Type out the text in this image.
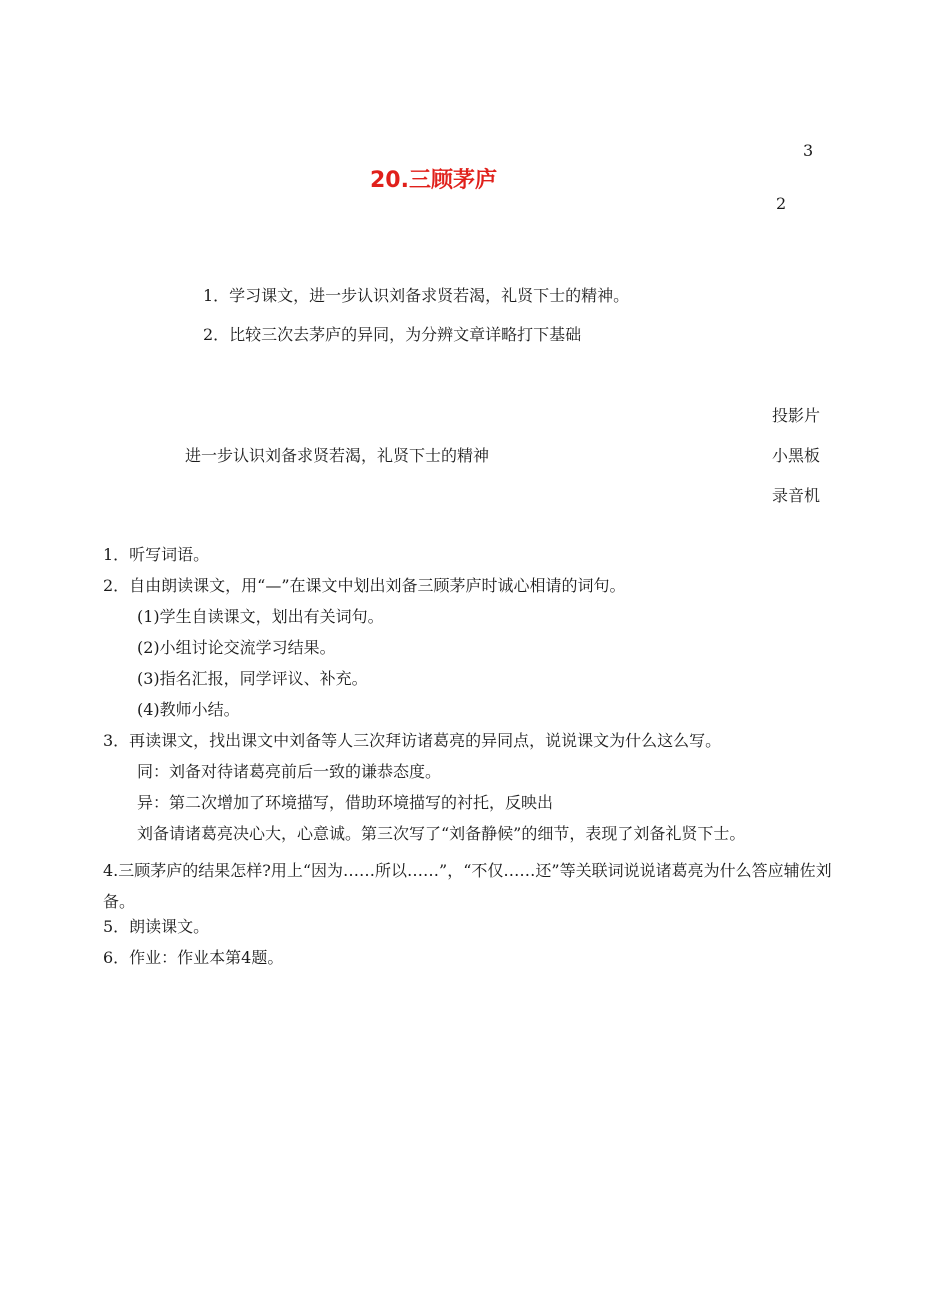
3
2
20.三顾茅庐
1．学习课文，进一步认识刘备求贤若渴，礼贤下士的精神。
2．比较三次去茅庐的异同，为分辨文章详略打下基础
进一步认识刘备求贤若渴，礼贤下士的精神
投影片
小黑板
录音机
1．听写词语。
2．自由朗读课文，用“—”在课文中划出刘备三顾茅庐时诚心相请的词句。
(1)学生自读课文，划出有关词句。
(2)小组讨论交流学习结果。
(3)指名汇报，同学评议、补充。
(4)教师小结。
3．再读课文，找出课文中刘备等人三次拜访诸葛亮的异同点，说说课文为什么这么写。
同：刘备对待诸葛亮前后一致的谦恭态度。
异：第二次增加了环境描写，借助环境描写的衬托，反映出
刘备请诸葛亮决心大，心意诚。第三次写了“刘备静候”的细节，表现了刘备礼贤下士。
4.三顾茅庐的结果怎样?用上“因为……所以……”，“不仅……还”等关联词说说诸葛亮为什么答应辅佐刘备。
5．朗读课文。
6．作业：作业本第4题。
